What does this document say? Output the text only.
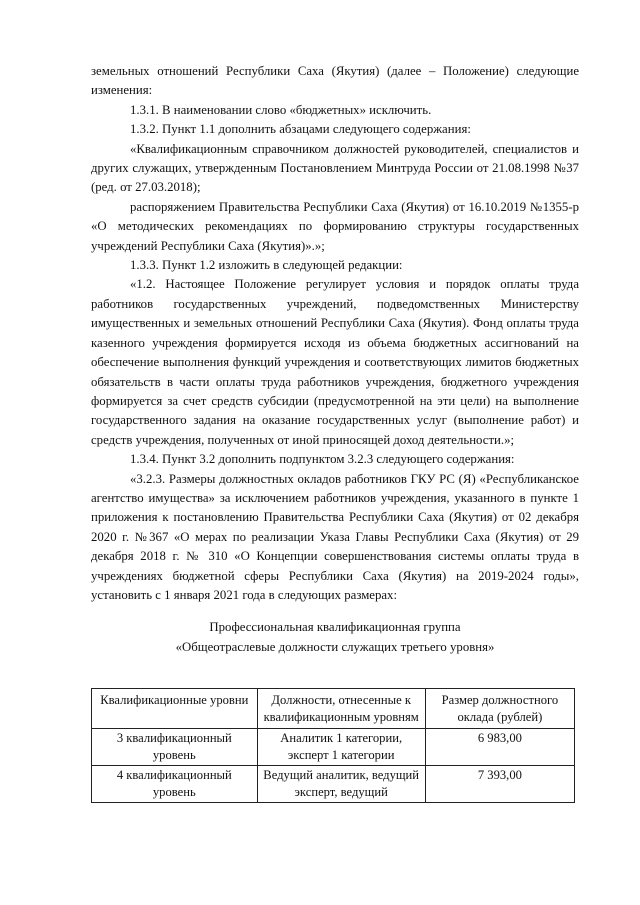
земельных отношений Республики Саха (Якутия) (далее – Положение) следующие изменения:

1.3.1. В наименовании слово «бюджетных» исключить.

1.3.2. Пункт 1.1 дополнить абзацами следующего содержания:

«Квалификационным справочником должностей руководителей, специалистов и других служащих, утвержденным Постановлением Минтруда России от 21.08.1998 №37 (ред. от 27.03.2018);

распоряжением Правительства Республики Саха (Якутия) от 16.10.2019 №1355-р «О методических рекомендациях по формированию структуры государственных учреждений Республики Саха (Якутия)».»;

1.3.3. Пункт 1.2 изложить в следующей редакции:

«1.2. Настоящее Положение регулирует условия и порядок оплаты труда работников государственных учреждений, подведомственных Министерству имущественных и земельных отношений Республики Саха (Якутия). Фонд оплаты труда казенного учреждения формируется исходя из объема бюджетных ассигнований на обеспечение выполнения функций учреждения и соответствующих лимитов бюджетных обязательств в части оплаты труда работников учреждения, бюджетного учреждения формируется за счет средств субсидии (предусмотренной на эти цели) на выполнение государственного задания на оказание государственных услуг (выполнение работ) и средств учреждения, полученных от иной приносящей доход деятельности.»;

1.3.4. Пункт 3.2 дополнить подпунктом 3.2.3 следующего содержания:

«3.2.3. Размеры должностных окладов работников ГКУ РС (Я) «Республиканское агентство имущества» за исключением работников учреждения, указанного в пункте 1 приложения к постановлению Правительства Республики Саха (Якутия) от 02 декабря 2020 г. №367 «О мерах по реализации Указа Главы Республики Саха (Якутия) от 29 декабря 2018 г. № 310 «О Концепции совершенствования системы оплаты труда в учреждениях бюджетной сферы Республики Саха (Якутия) на 2019-2024 годы», установить с 1 января 2021 года в следующих размерах:

Профессиональная квалификационная группа
«Общеотраслевые должности служащих третьего уровня»
Квалификационные уровни	Должности, отнесенные к квалификационным уровням	Размер должностного оклада (рублей)
3 квалификационный уровень	Аналитик 1 категории, эксперт 1 категории	6 983,00
4 квалификационный уровень	Ведущий аналитик, ведущий эксперт, ведущий	7 393,00
